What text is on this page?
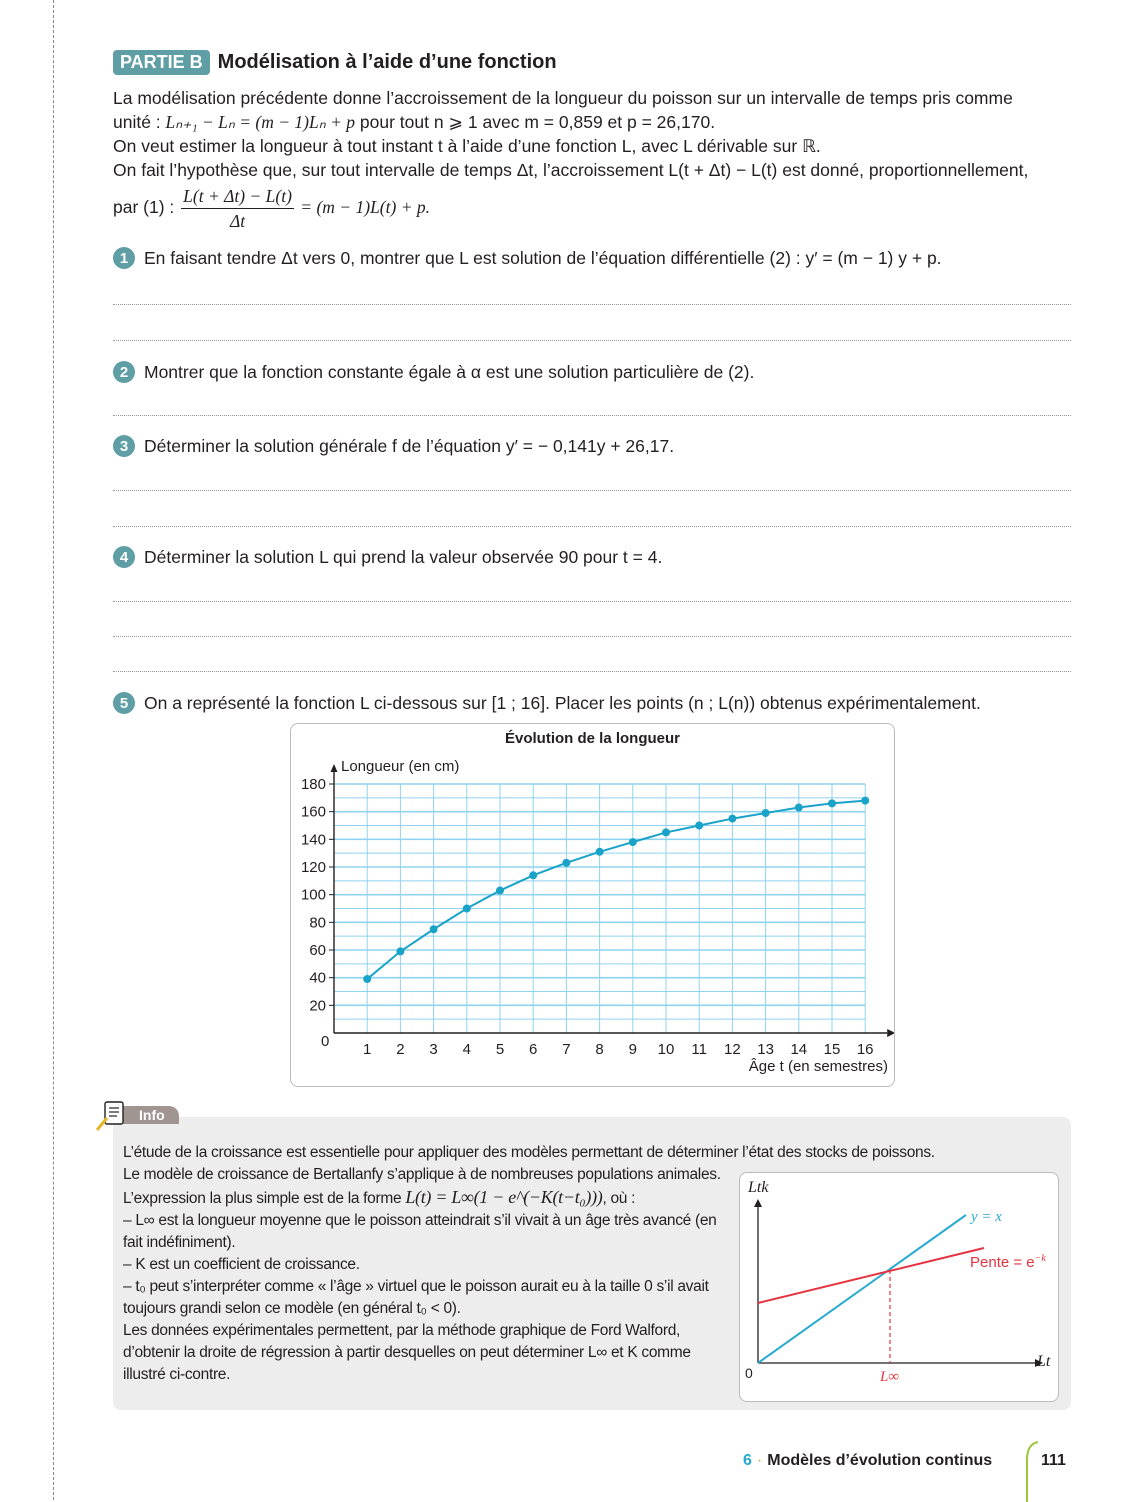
PARTIE B Modélisation à l’aide d’une fonction

La modélisation précédente donne l’accroissement de la longueur du poisson sur un intervalle de temps pris comme

unité : Lₙ₊₁ − Lₙ = (m − 1)Lₙ + p pour tout n ⩾ 1 avec m = 0,859 et p = 26,170.

On veut estimer la longueur à tout instant t à l’aide d’une fonction L, avec L dérivable sur ℝ.

On fait l’hypothèse que, sur tout intervalle de temps Δt, l’accroissement L(t + Δt) − L(t) est donné, proportionnellement,

par (1) : $\frac{L(t + \Delta t) - L(t)}{\Delta t} = (m - 1)L(t) + p$.

1 En faisant tendre Δt vers 0, montrer que L est solution de l’équation différentielle (2) : y′ = (m − 1) y + p.
2 Montrer que la fonction constante égale à α est une solution particulière de (2).
3 Déterminer la solution générale f de l’équation y′ = − 0,141y + 26,17.
4 Déterminer la solution L qui prend la valeur observée 90 pour t = 4.
5 On a représenté la fonction L ci-dessous sur [1 ; 16]. Placer les points (n ; L(n)) obtenus expérimentalement.
Évolution de la longueur
20
40
60
80
100
120
140
160
180
1 2 3 4 5 6 7 8 9 10 11 12 13 14 15 16
Longueur (en cm)
Âge t (en semestres)
0

L’étude de la croissance est essentielle pour appliquer des modèles permettant de déterminer l’état des stocks de poissons.

Le modèle de croissance de Bertallanfy s’applique à de nombreuses populations animales.

L’expression la plus simple est de la forme L(t) = L∞(1 − e^(−K(t−t₀))), où :

– L∞ est la longueur moyenne que le poisson atteindrait s’il vivait à un âge très avancé (en fait indéfiniment).

– K est un coefficient de croissance.

– t₀ peut s’interpréter comme « l’âge » virtuel que le poisson aurait eu à la taille 0 s’il avait toujours grandi selon ce modèle (en général t₀ < 0).

Les données expérimentales permettent, par la méthode graphique de Ford Walford, d’obtenir la droite de régression à partir desquelles on peut déterminer L∞ et K comme illustré ci-contre.

Ltk
Lt
0
y = x
Pente = $e^{-k}$
L∞
Info
6 · Modèles d’évolution continus	111
